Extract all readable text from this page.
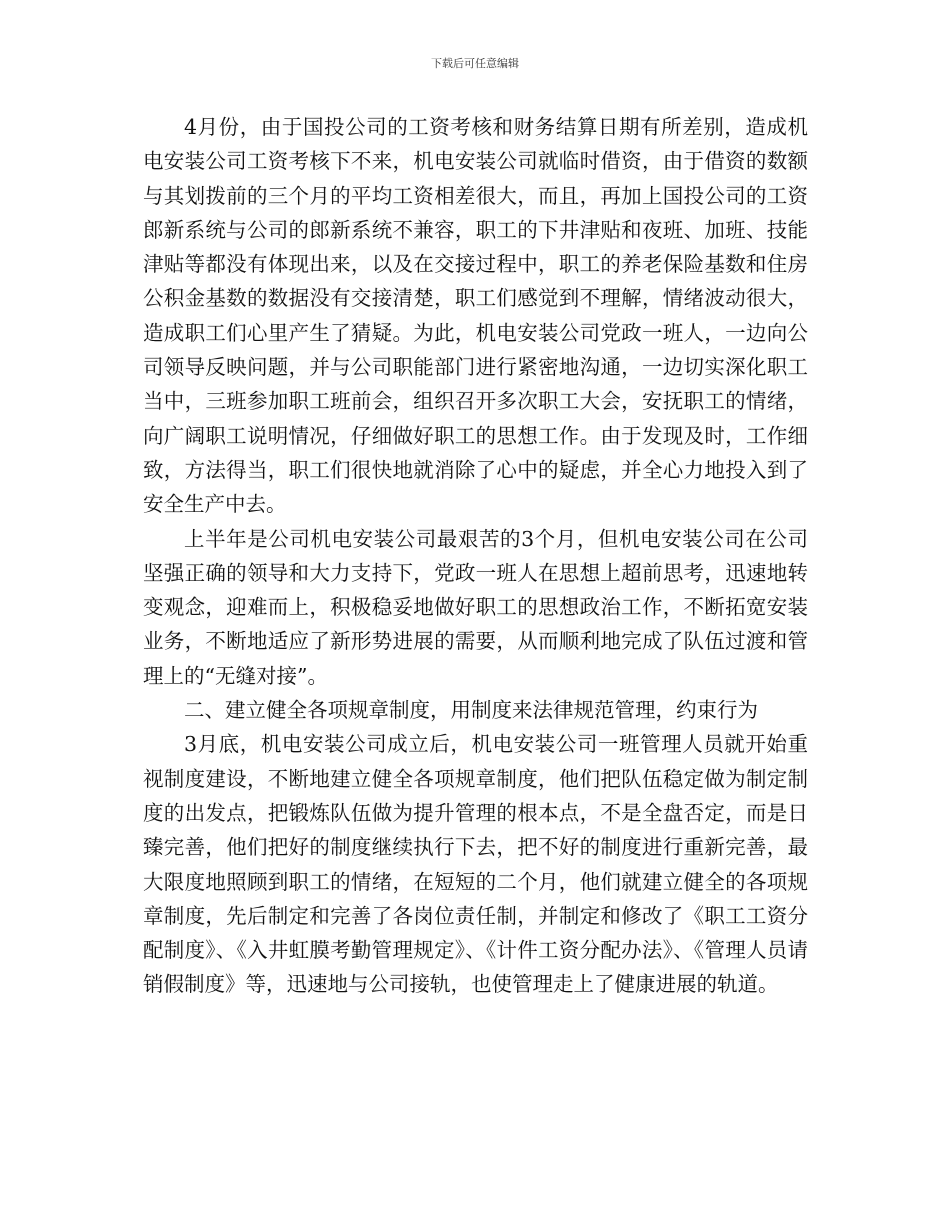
下载后可任意编辑

4月份，由于国投公司的工资考核和财务结算日期有所差别，造成机电安装公司工资考核下不来，机电安装公司就临时借资，由于借资的数额与其划拨前的三个月的平均工资相差很大，而且，再加上国投公司的工资郎新系统与公司的郎新系统不兼容，职工的下井津贴和夜班、加班、技能津贴等都没有体现出来，以及在交接过程中，职工的养老保险基数和住房公积金基数的数据没有交接清楚，职工们感觉到不理解，情绪波动很大，造成职工们心里产生了猜疑。为此，机电安装公司党政一班人，一边向公司领导反映问题，并与公司职能部门进行紧密地沟通，一边切实深化职工当中，三班参加职工班前会，组织召开多次职工大会，安抚职工的情绪，向广阔职工说明情况，仔细做好职工的思想工作。由于发现及时，工作细致，方法得当，职工们很快地就消除了心中的疑虑，并全心力地投入到了安全生产中去。

上半年是公司机电安装公司最艰苦的3个月，但机电安装公司在公司坚强正确的领导和大力支持下，党政一班人在思想上超前思考，迅速地转变观念，迎难而上，积极稳妥地做好职工的思想政治工作，不断拓宽安装业务，不断地适应了新形势进展的需要，从而顺利地完成了队伍过渡和管理上的“无缝对接”。

二、建立健全各项规章制度，用制度来法律规范管理，约束行为

3月底，机电安装公司成立后，机电安装公司一班管理人员就开始重视制度建设，不断地建立健全各项规章制度，他们把队伍稳定做为制定制度的出发点，把锻炼队伍做为提升管理的根本点，不是全盘否定，而是日臻完善，他们把好的制度继续执行下去，把不好的制度进行重新完善，最大限度地照顾到职工的情绪，在短短的二个月，他们就建立健全的各项规章制度，先后制定和完善了各岗位责任制，并制定和修改了《职工工资分配制度》、《入井虹膜考勤管理规定》、《计件工资分配办法》、《管理人员请销假制度》等，迅速地与公司接轨，也使管理走上了健康进展的轨道。
